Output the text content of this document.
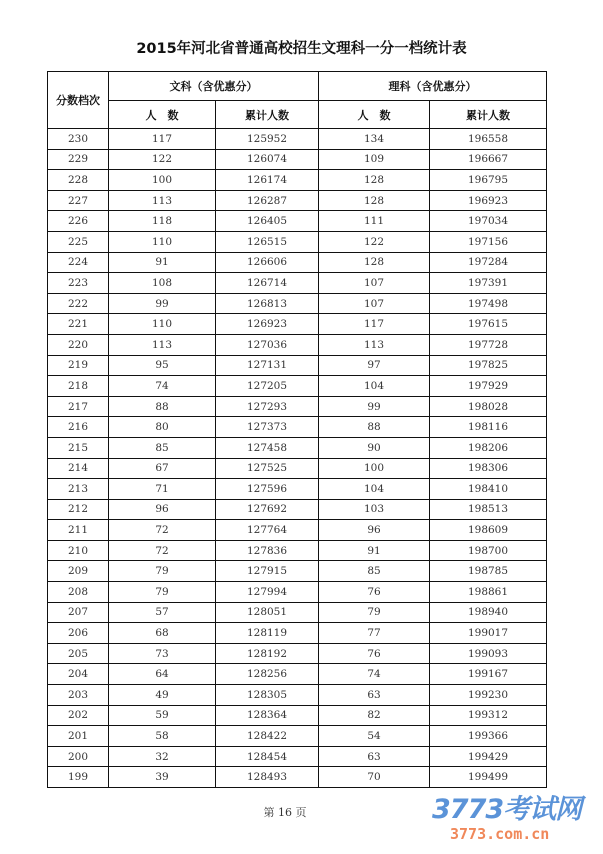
2015年河北省普通高校招生文理科一分一档统计表
分数档次	文科（含优惠分）		理科（含优惠分）	
	人　数	累计人数	人　数	累计人数
230	117	125952	134	196558
229	122	126074	109	196667
228	100	126174	128	196795
227	113	126287	128	196923
226	118	126405	111	197034
225	110	126515	122	197156
224	91	126606	128	197284
223	108	126714	107	197391
222	99	126813	107	197498
221	110	126923	117	197615
220	113	127036	113	197728
219	95	127131	97	197825
218	74	127205	104	197929
217	88	127293	99	198028
216	80	127373	88	198116
215	85	127458	90	198206
214	67	127525	100	198306
213	71	127596	104	198410
212	96	127692	103	198513
211	72	127764	96	198609
210	72	127836	91	198700
209	79	127915	85	198785
208	79	127994	76	198861
207	57	128051	79	198940
206	68	128119	77	199017
205	73	128192	76	199093
204	64	128256	74	199167
203	49	128305	63	199230
202	59	128364	82	199312
201	58	128422	54	199366
200	32	128454	63	199429
199	39	128493	70	199499
第 16 页	3773考试网
3773.com.cn
